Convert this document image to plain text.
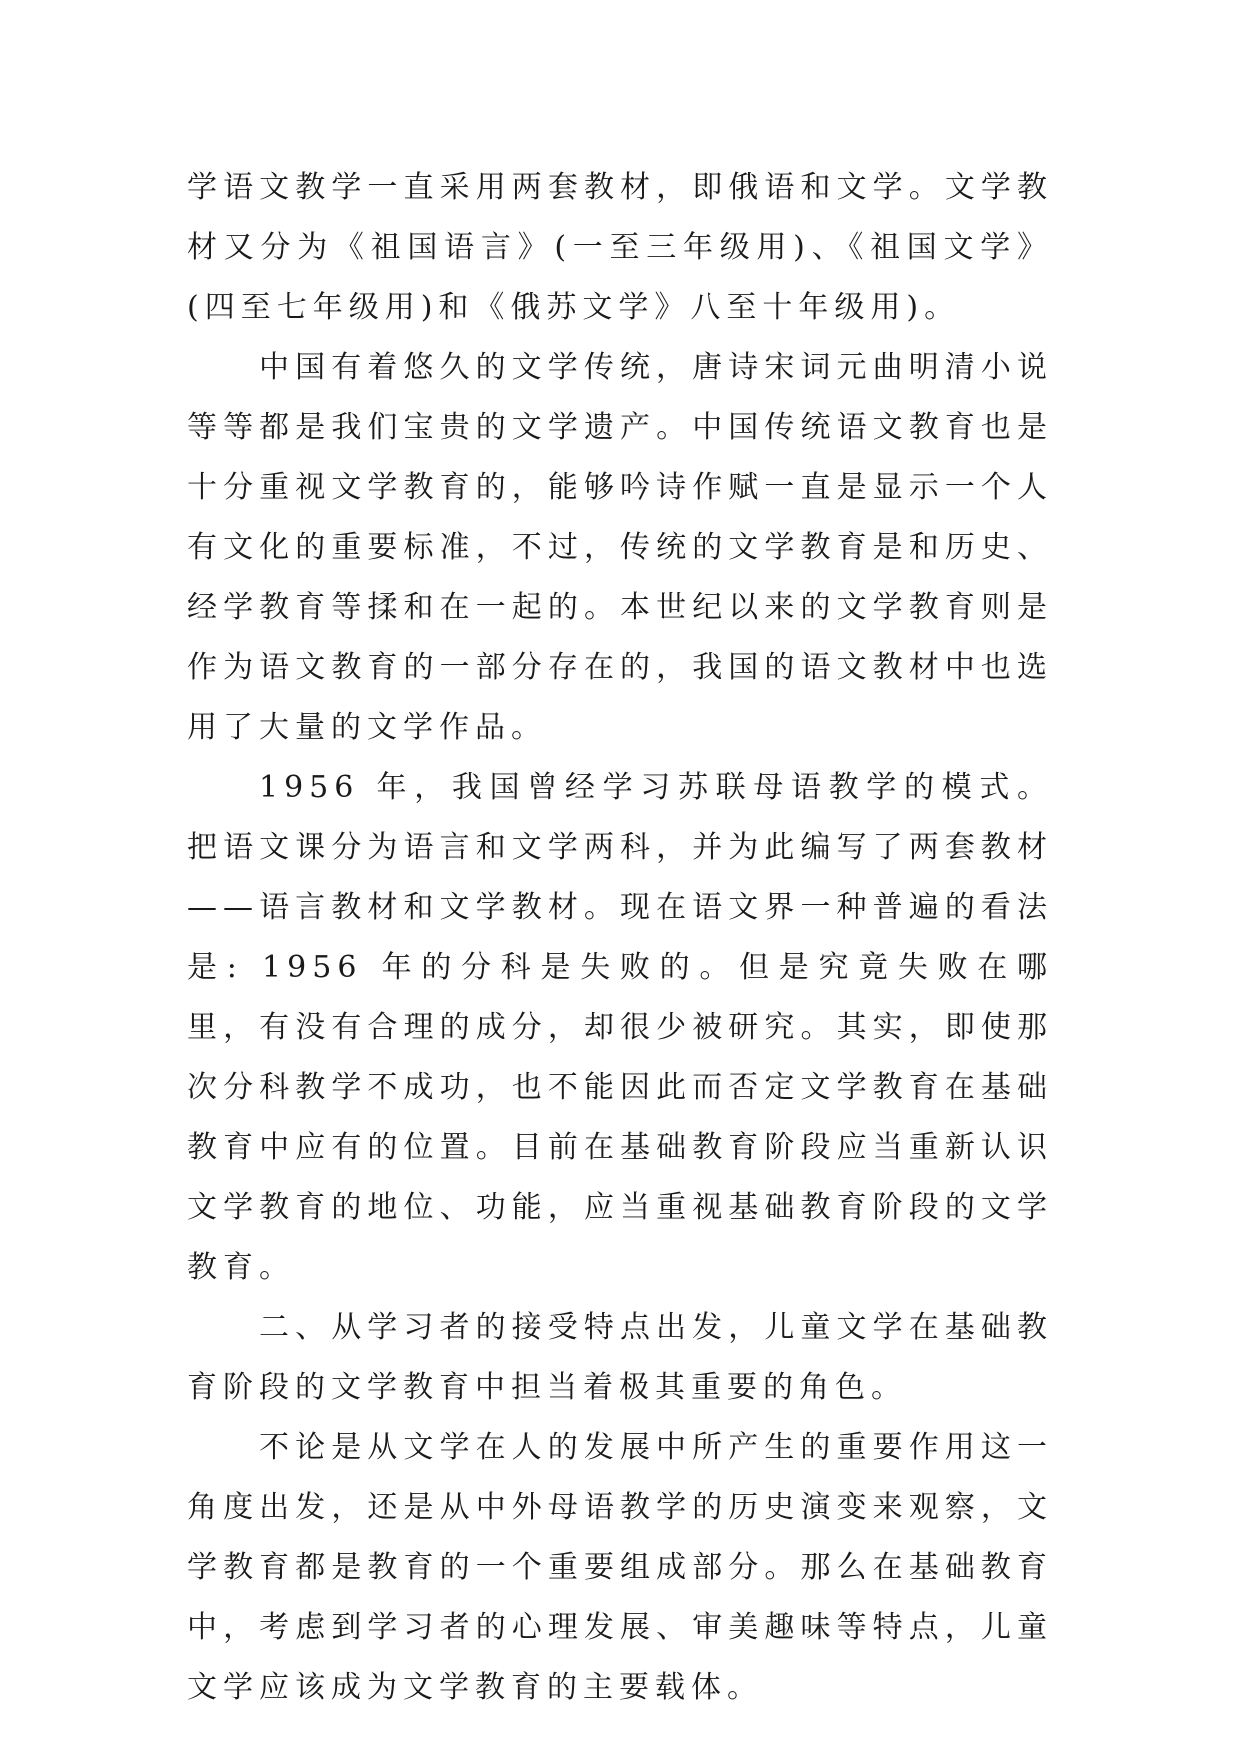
学语文教学一直采用两套教材，即俄语和文学。文学教材又分为《祖国语言》(一至三年级用)、《祖国文学》(四至七年级用)和《俄苏文学》八至十年级用)。

中国有着悠久的文学传统，唐诗宋词元曲明清小说等等都是我们宝贵的文学遗产。中国传统语文教育也是十分重视文学教育的，能够吟诗作赋一直是显示一个人有文化的重要标准，不过，传统的文学教育是和历史、经学教育等揉和在一起的。本世纪以来的文学教育则是作为语文教育的一部分存在的，我国的语文教材中也选用了大量的文学作品。

1956 年，我国曾经学习苏联母语教学的模式。把语文课分为语言和文学两科，并为此编写了两套教材——语言教材和文学教材。现在语文界一种普遍的看法是: 1956 年的分科是失败的。但是究竟失败在哪里，有没有合理的成分，却很少被研究。其实，即使那次分科教学不成功，也不能因此而否定文学教育在基础教育中应有的位置。目前在基础教育阶段应当重新认识文学教育的地位、功能，应当重视基础教育阶段的文学教育。

二、从学习者的接受特点出发，儿童文学在基础教育阶段的文学教育中担当着极其重要的角色。

不论是从文学在人的发展中所产生的重要作用这一角度出发，还是从中外母语教学的历史演变来观察，文学教育都是教育的一个重要组成部分。那么在基础教育中，考虑到学习者的心理发展、审美趣味等特点，儿童文学应该成为文学教育的主要载体。
